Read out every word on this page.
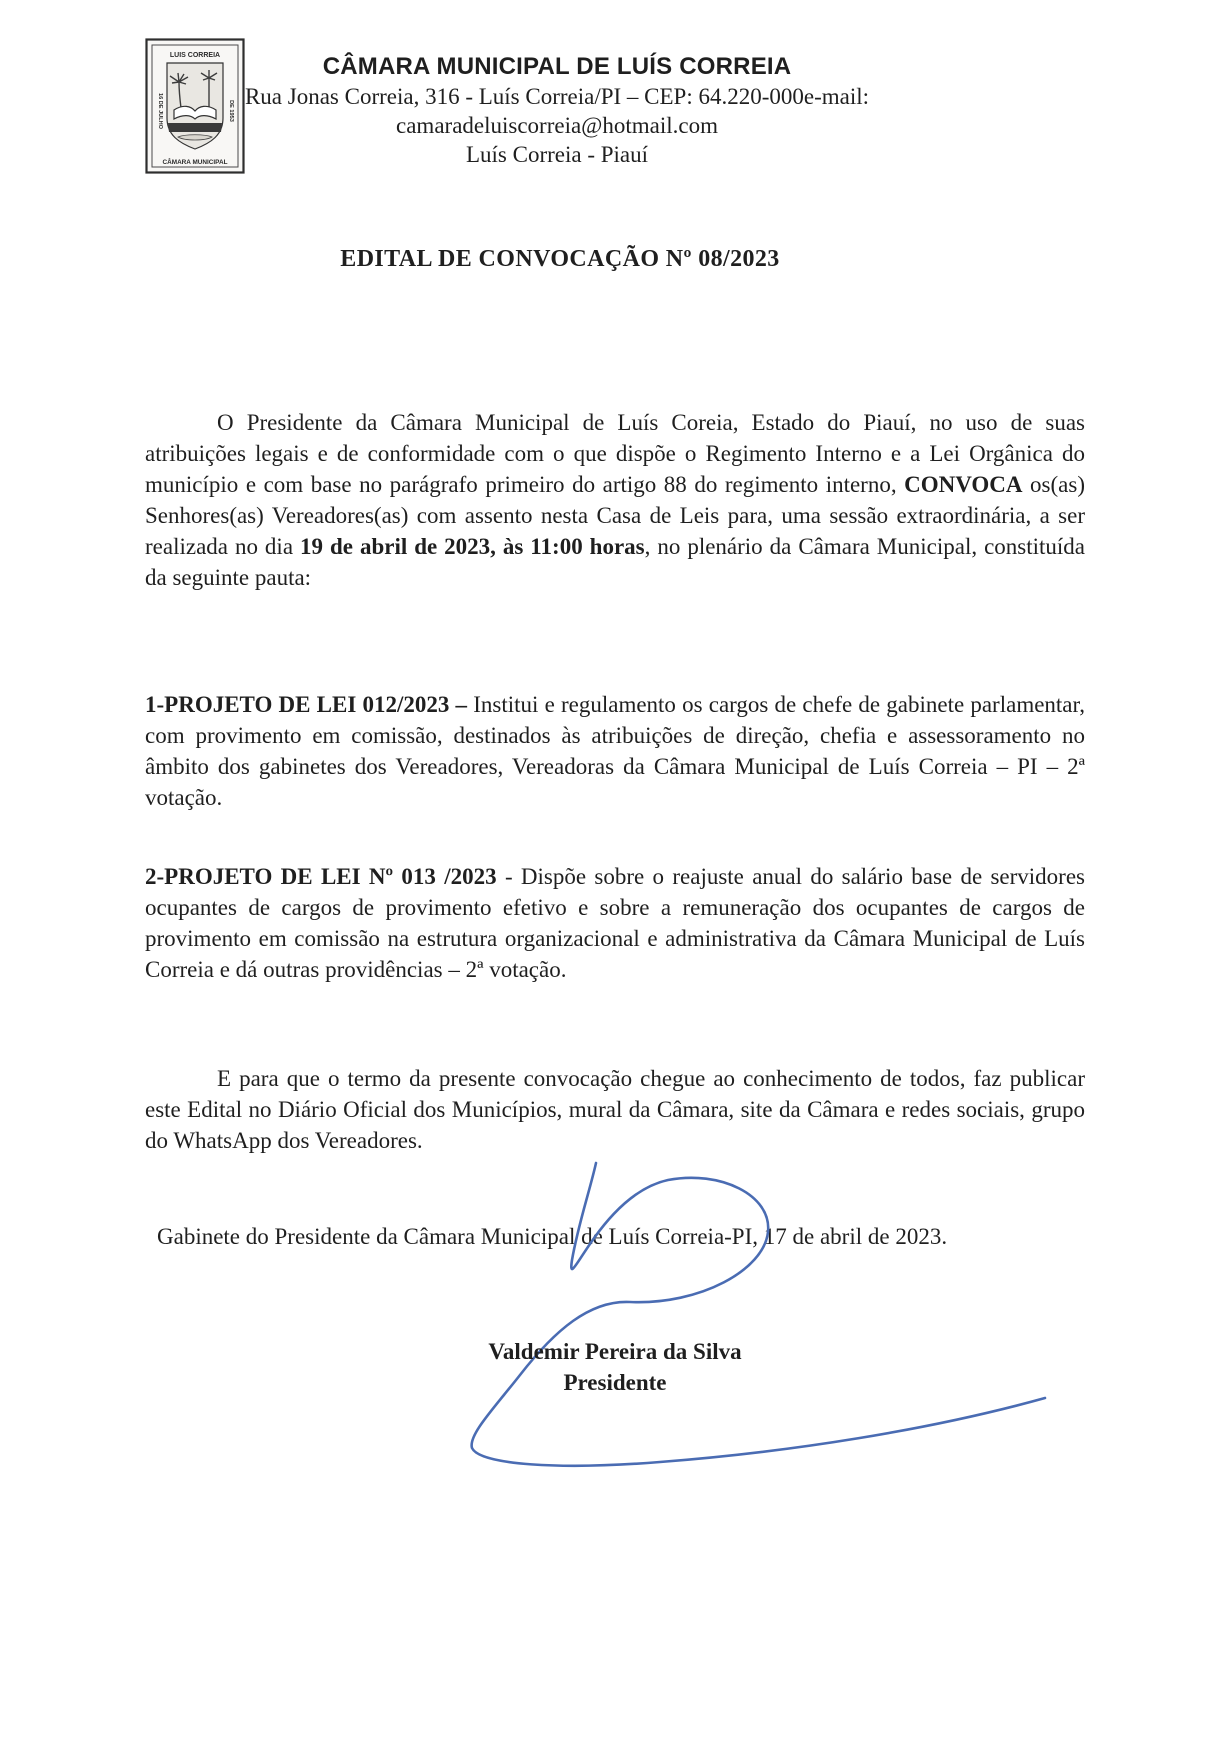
LUIS CORREIA
16 DE JULHO	DE 1953
CÂMARA MUNICIPAL
CÂMARA MUNICIPAL DE LUÍS CORREIA
Rua Jonas Correia, 316 - Luís Correia/PI – CEP: 64.220-000e-mail:
camaradeluiscorreia@hotmail.com
Luís Correia - Piauí
EDITAL DE CONVOCAÇÃO Nº 08/2023

O Presidente da Câmara Municipal de Luís Coreia, Estado do Piauí, no uso de suas atribuições legais e de conformidade com o que dispõe o Regimento Interno e a Lei Orgânica do município e com base no parágrafo primeiro do artigo 88 do regimento interno, CONVOCA os(as) Senhores(as) Vereadores(as) com assento nesta Casa de Leis para, uma sessão extraordinária, a ser realizada no dia 19 de abril de 2023, às 11:00 horas, no plenário da Câmara Municipal, constituída da seguinte pauta:

1-PROJETO DE LEI 012/2023 – Institui e regulamento os cargos de chefe de gabinete parlamentar, com provimento em comissão, destinados às atribuições de direção, chefia e assessoramento no âmbito dos gabinetes dos Vereadores, Vereadoras da Câmara Municipal de Luís Correia – PI – 2ª votação.

2-PROJETO DE LEI Nº 013 /2023 - Dispõe sobre o reajuste anual do salário base de servidores ocupantes de cargos de provimento efetivo e sobre a remuneração dos ocupantes de cargos de provimento em comissão na estrutura organizacional e administrativa da Câmara Municipal de Luís Correia e dá outras providências – 2ª votação.

E para que o termo da presente convocação chegue ao conhecimento de todos, faz publicar este Edital no Diário Oficial dos Municípios, mural da Câmara, site da Câmara e redes sociais, grupo do WhatsApp dos Vereadores.

Gabinete do Presidente da Câmara Municipal de Luís Correia-PI, 17 de abril de 2023.

Valdemir Pereira da Silva
Presidente
